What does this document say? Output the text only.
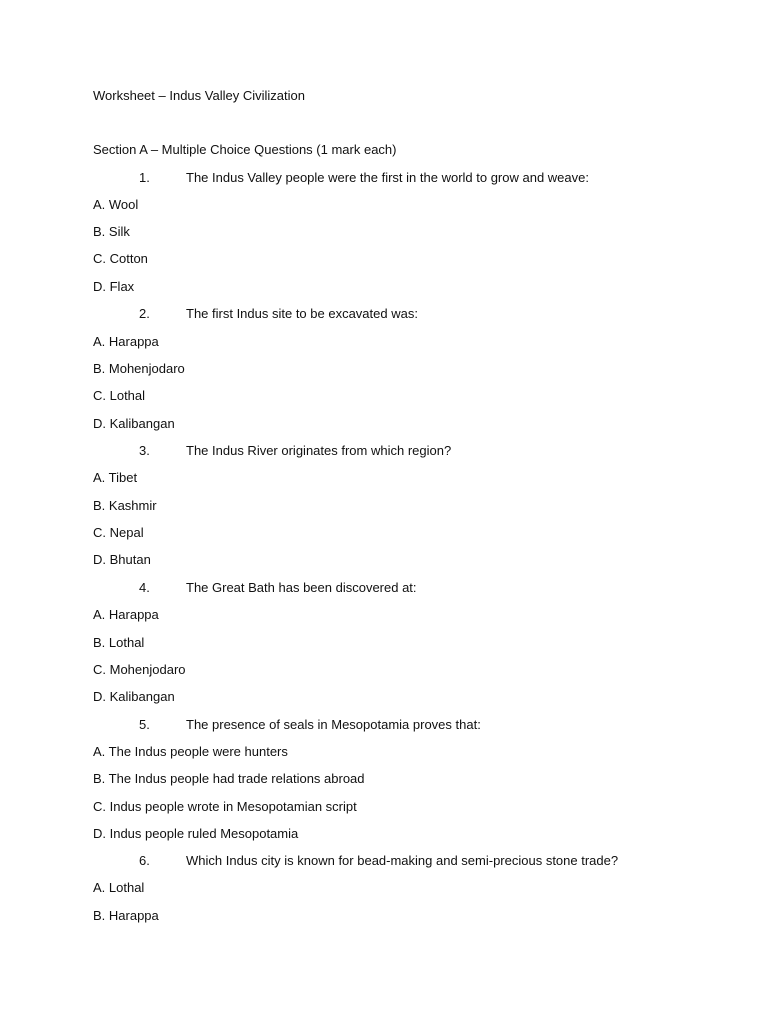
Worksheet – Indus Valley Civilization
Section A – Multiple Choice Questions (1 mark each)
1.	The Indus Valley people were the first in the world to grow and weave:
A. Wool
B. Silk
C. Cotton
D. Flax
2.	The first Indus site to be excavated was:
A. Harappa
B. Mohenjodaro
C. Lothal
D. Kalibangan
3.	The Indus River originates from which region?
A. Tibet
B. Kashmir
C. Nepal
D. Bhutan
4.	The Great Bath has been discovered at:
A. Harappa
B. Lothal
C. Mohenjodaro
D. Kalibangan
5.	The presence of seals in Mesopotamia proves that:
A. The Indus people were hunters
B. The Indus people had trade relations abroad
C. Indus people wrote in Mesopotamian script
D. Indus people ruled Mesopotamia
6.	Which Indus city is known for bead-making and semi-precious stone trade?
A. Lothal
B. Harappa
